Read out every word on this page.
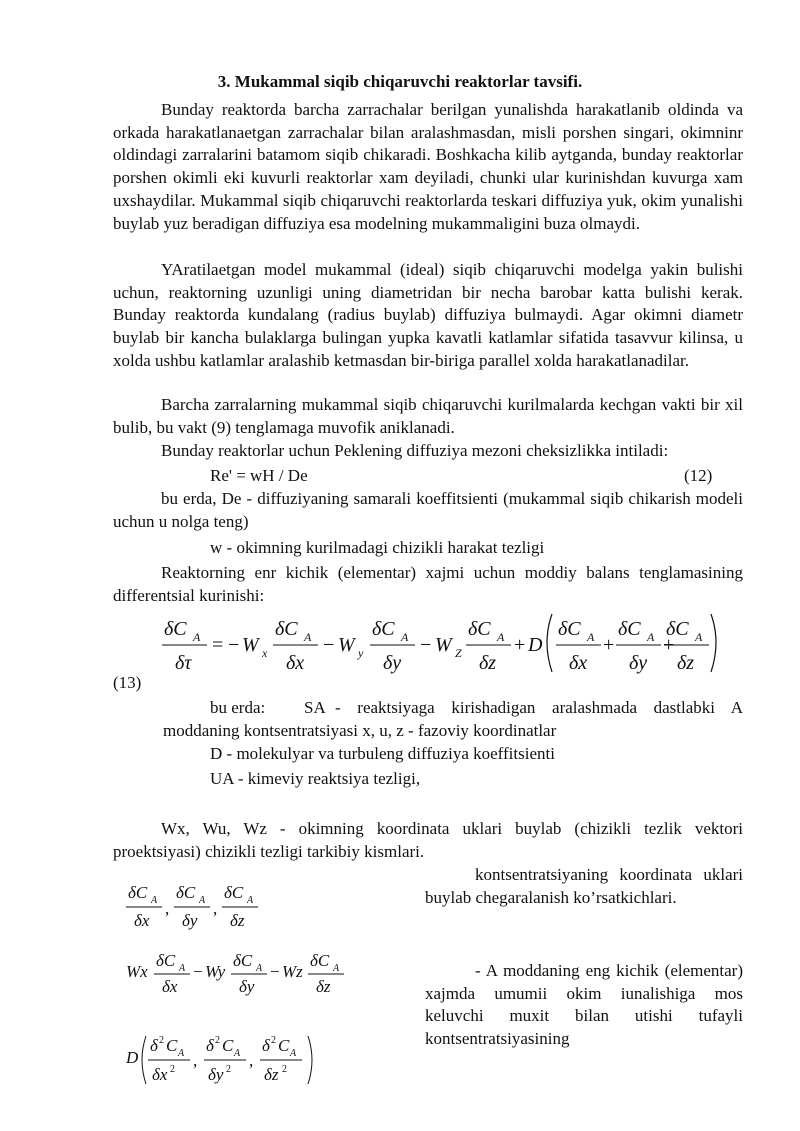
3. Mukammal siqib chiqaruvchi reaktorlar tavsifi.

Bunday reaktorda barcha zarrachalar berilgan yunalishda harakatlanib oldinda va orkada harakatlanaetgan zarrachalar bilan aralashmasdan, misli porshen singari, okimninr oldindagi zarralarini batamom siqib chikaradi. Boshkacha kilib aytganda, bunday reaktorlar porshen okimli eki kuvurli reaktorlar xam deyiladi, chunki ular kurinishdan kuvurga xam uxshaydilar. Mukammal siqib chiqaruvchi reaktorlarda teskari diffuziya yuk, okim yunalishi buylab yuz beradigan diffuziya esa modelning mukammaligini buza olmaydi.

YAratilaetgan model mukammal (ideal) siqib chiqaruvchi modelga yakin bulishi uchun, reaktorning uzunligi uning diametridan bir necha barobar katta bulishi kerak. Bunday reaktorda kundalang (radius buylab) diffuziya bulmaydi. Agar okimni diametr buylab bir kancha bulaklarga bulingan yupka kavatli katlamlar sifatida tasavvur kilinsa, u xolda ushbu katlamlar aralashib ketmasdan bir-biriga parallel xolda harakatlanadilar.

Barcha zarralarning mukammal siqib chiqaruvchi kurilmalarda kechgan vakti bir xil bulib, bu vakt (9) tenglamaga muvofik aniklanadi.

Bunday reaktorlar uchun Peklening diffuziya mezoni cheksizlikka intiladi:

Re' = wH / De	(12)

bu erda, De - diffuziyaning samarali koeffitsienti (mukammal siqib chikarish modeli uchun u nolga teng)

w - okimning kurilmadagi chizikli harakat tezligi

Reaktorning enr kichik (elementar) xajmi uchun moddiy balans tenglamasining differentsial kurinishi:

δC A
δτ
= − W x
δC A
δx
− W y
δC A
δy
− W Z
δC A
δz
+ D
δC A
δx
+
δC A
δy
+
δC A
δz
(13)
bu erda: SA - reaktsiyaga kirishadigan aralashmada dastlabki A moddaning kontsentratsiyasi x, u, z - fazoviy koordinatlar

D - molekulyar va turbuleng diffuziya koeffitsienti
UA - kimeviy reaktsiya tezligi,

Wx, Wu, Wz - okimning koordinata uklari buylab (chizikli tezlik vektori proektsiyasi) chizikli tezligi tarkibiy kismlari.

δC A
δx
,
δC A
δy
,
δC A
δz
Wx
δC A
δx
− Wy
δC A
δy
− Wz
δC A
δz
D
δ 2 C A
δx 2 ,
δ 2 C A
δy 2 ,
δ 2 C A
δz 2

kontsentratsiyaning koordinata uklari buylab chegaralanish ko’rsatkichlari.

- A moddaning eng kichik (elementar) xajmda umumii okim iunalishiga mos keluvchi muxit bilan utishi tufayli kontsentratsiyasining
